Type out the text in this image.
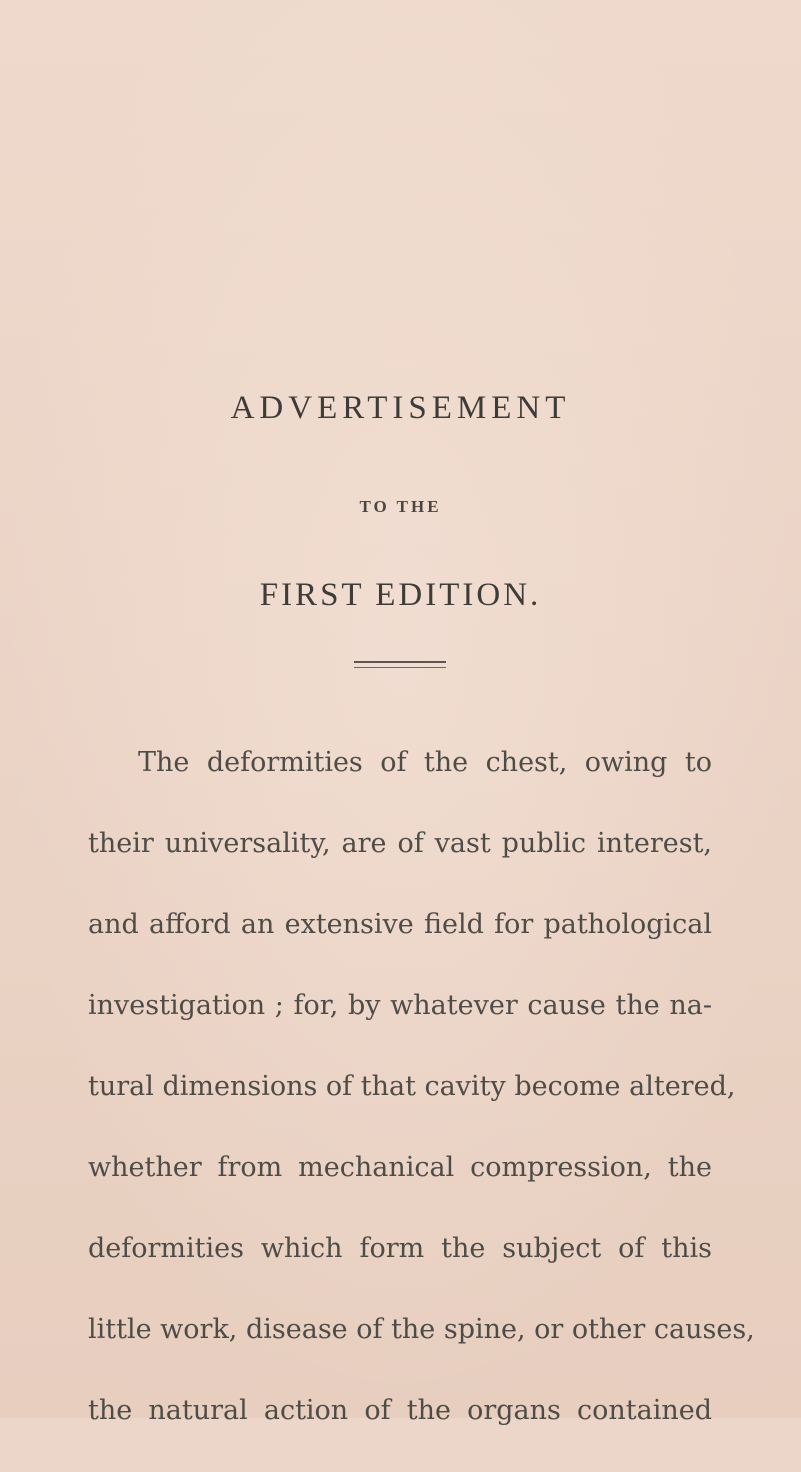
ADVERTISEMENT
TO THE
FIRST EDITION.
The deformities of the chest, owing to
their universality, are of vast public interest,
and afford an extensive field for pathological
investigation ; for, by whatever cause the na-
tural dimensions of that cavity become altered,
whether from mechanical compression, the
deformities which form the subject of this
little work, disease of the spine, or other causes,
the natural action of the organs contained
